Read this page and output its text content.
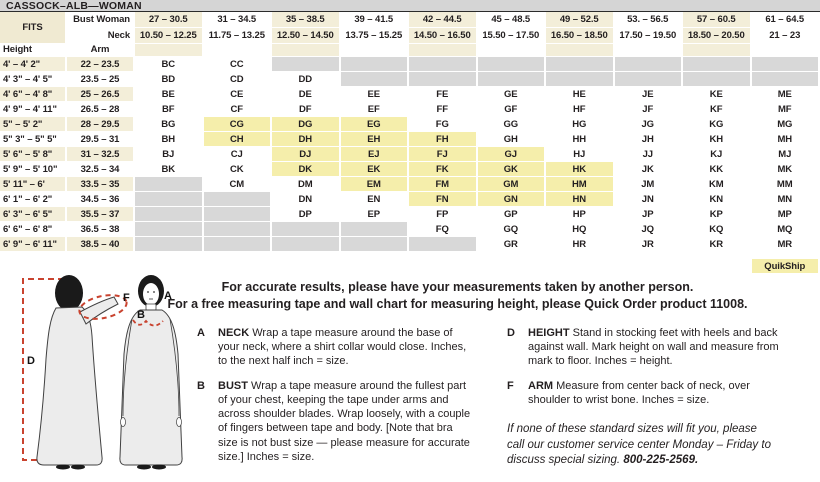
CASSOCK–ALB—WOMAN
FITS	Bust Woman	27 – 30.5	31 – 34.5	35 – 38.5	39 – 41.5	42 – 44.5	45 – 48.5	49 – 52.5	53. – 56.5	57 – 60.5	61 – 64.5
	Neck	10.50 – 12.25	11.75 – 13.25	12.50 – 14.50	13.75 – 15.25	14.50 – 16.50	15.50 – 17.50	16.50 – 18.50	17.50 – 19.50	18.50 – 20.50	21 – 23
Height	Arm										
4' – 4' 2"	22 – 23.5	BC	CC								
4' 3" – 4' 5"	23.5 – 25	BD	CD	DD							
4' 6" – 4' 8"	25 – 26.5	BE	CE	DE	EE	FE	GE	HE	JE	KE	ME
4' 9" – 4' 11"	26.5 – 28	BF	CF	DF	EF	FF	GF	HF	JF	KF	MF
5" – 5' 2"	28 – 29.5	BG	CG	DG	EG	FG	GG	HG	JG	KG	MG
5" 3" – 5" 5"	29.5 – 31	BH	CH	DH	EH	FH	GH	HH	JH	KH	MH
5' 6" – 5' 8"	31 – 32.5	BJ	CJ	DJ	EJ	FJ	GJ	HJ	JJ	KJ	MJ
5' 9" – 5' 10"	32.5 – 34	BK	CK	DK	EK	FK	GK	HK	JK	KK	MK
5' 11" – 6'	33.5 – 35		CM	DM	EM	FM	GM	HM	JM	KM	MM
6' 1" – 6' 2"	34.5 – 36			DN	EN	FN	GN	HN	JN	KN	MN
6' 3" – 6' 5"	35.5 – 37			DP	EP	FP	GP	HP	JP	KP	MP
6' 6" – 6' 8"	36.5 – 38					FQ	GQ	HQ	JQ	KQ	MQ
6' 9" – 6' 11"	38.5 – 40						GR	HR	JR	KR	MR

											QuikShip
D
F	A
B
For accurate results, please have your measurements taken by another person.
For a free measuring tape and wall chart for measuring height, please Quick Order product 11008.
A	NECK Wrap a tape measure around the base of your neck, where a shirt collar would close. Inches, to the next half inch = size.

B	BUST Wrap a tape measure around the fullest part of your chest, keeping the tape under arms and across shoulder blades. Wrap loosely, with a couple of fingers between tape and body. [Note that bra size is not bust size — please measure for accurate size.] Inches = size.

D	HEIGHT Stand in stocking feet with heels and back against wall. Mark height on wall and measure from mark to floor. Inches = height.

F	ARM Measure from center back of neck, over shoulder to wrist bone. Inches = size.

If none of these standard sizes will fit you, please call our customer service center Monday – Friday to discuss special sizing. 800-225-2569.
